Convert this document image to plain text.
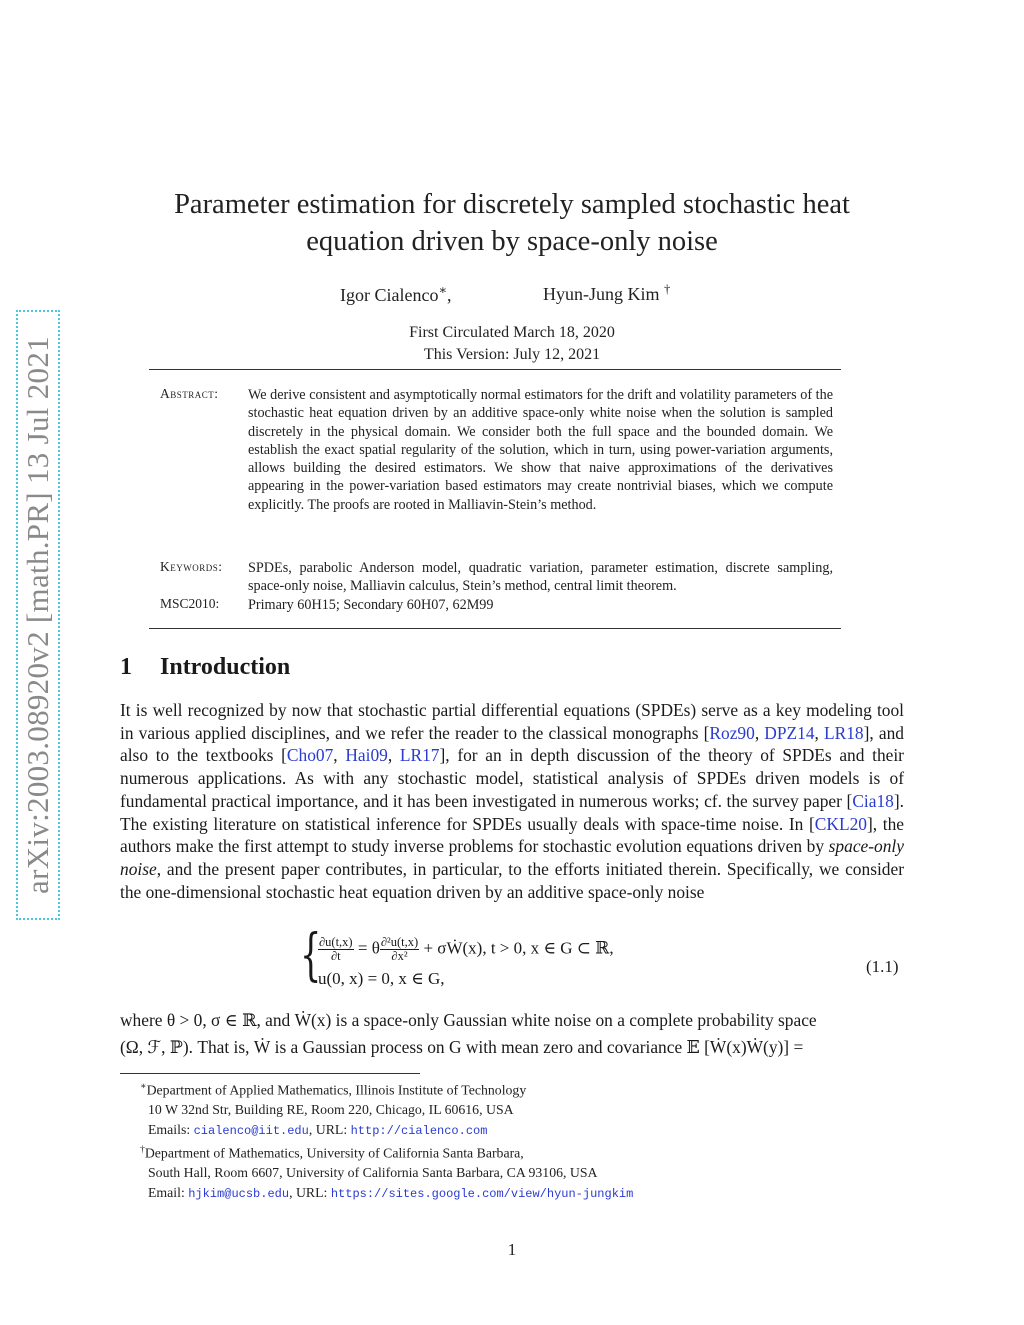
arXiv:2003.08920v2 [math.PR] 13 Jul 2021
Parameter estimation for discretely sampled stochastic heat
equation driven by space-only noise
Igor Cialenco∗,	Hyun-Jung Kim †
First Circulated March 18, 2020
This Version: July 12, 2021
Abstract: We derive consistent and asymptotically normal estimators for the drift and volatility parameters of the stochastic heat equation driven by an additive space-only white noise when the solution is sampled discretely in the physical domain. We consider both the full space and the bounded domain. We establish the exact spatial regularity of the solution, which in turn, using power-variation arguments, allows building the desired estimators. We show that naive approximations of the derivatives appearing in the power-variation based estimators may create nontrivial biases, which we compute explicitly. The proofs are rooted in Malliavin-Stein’s method.
Keywords: SPDEs, parabolic Anderson model, quadratic variation, parameter estimation, discrete sampling, space-only noise, Malliavin calculus, Stein’s method, central limit theorem.
MSC2010: Primary 60H15; Secondary 60H07, 62M99
1 Introduction
It is well recognized by now that stochastic partial differential equations (SPDEs) serve as a key modeling tool in various applied disciplines, and we refer the reader to the classical monographs [Roz90, DPZ14, LR18], and also to the textbooks [Cho07, Hai09, LR17], for an in depth discussion of the theory of SPDEs and their numerous applications. As with any stochastic model, statistical analysis of SPDEs driven models is of fundamental practical importance, and it has been investigated in numerous works; cf. the survey paper [Cia18]. The existing literature on statistical inference for SPDEs usually deals with space-time noise. In [CKL20], the authors make the first attempt to study inverse problems for stochastic evolution equations driven by space-only noise, and the present paper contributes, in particular, to the efforts initiated therein. Specifically, we consider the one-dimensional stochastic heat equation driven by an additive space-only noise
{
$\frac{\partial u(t,x)}{\partial t} = \theta \frac{\text{∂²u(t,x)}}{\text{∂x²}}$ + σẆ(x), t > 0, x ∈ G ⊂ ℝ,
u(0, x) = 0, x ∈ G,
(1.1)
where θ > 0, σ ∈ ℝ, and Ẇ(x) is a space-only Gaussian white noise on a complete probability space
(Ω, ℱ, ℙ). That is, Ẇ is a Gaussian process on G with mean zero and covariance 𝔼 [Ẇ(x)Ẇ(y)] =
∗Department of Applied Mathematics, Illinois Institute of Technology
10 W 32nd Str, Building RE, Room 220, Chicago, IL 60616, USA
Emails: cialenco@iit.edu, URL: http://cialenco.com
†Department of Mathematics, University of California Santa Barbara,
South Hall, Room 6607, University of California Santa Barbara, CA 93106, USA
Email: hjkim@ucsb.edu, URL: https://sites.google.com/view/hyun-jungkim
1
